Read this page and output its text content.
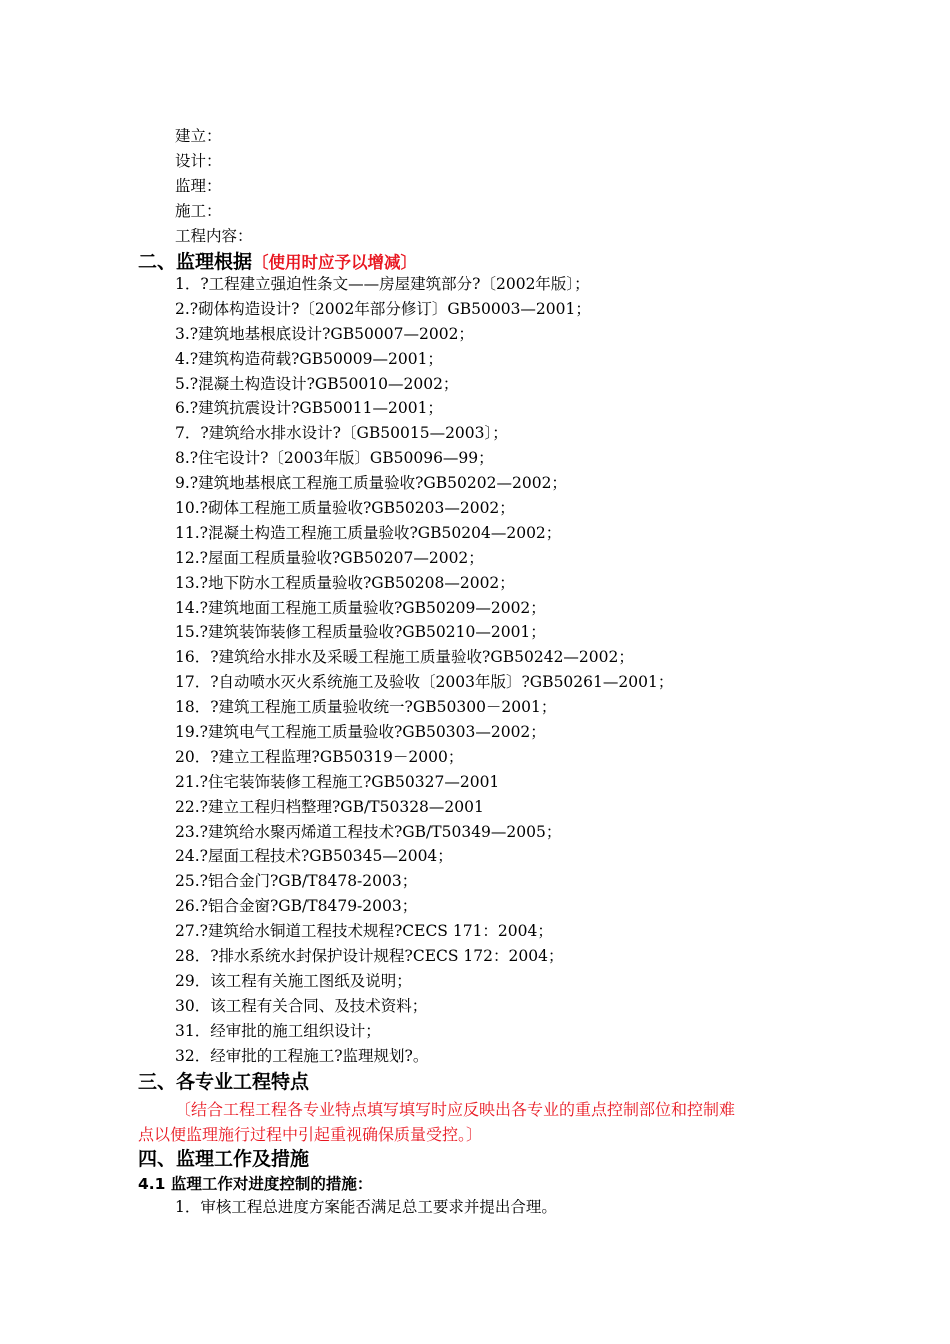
建立：
设计：
监理：
施工：
工程内容：
二、监理根据〔使用时应予以增减〕
1．?工程建立强迫性条文——房屋建筑部分?〔2002年版〕；
2.?砌体构造设计?〔2002年部分修订〕GB50003—2001；
3.?建筑地基根底设计?GB50007—2002；
4.?建筑构造荷载?GB50009—2001；
5.?混凝土构造设计?GB50010—2002；
6.?建筑抗震设计?GB50011—2001；
7．?建筑给水排水设计?〔GB50015—2003〕；
8.?住宅设计?〔2003年版〕GB50096—99；
9.?建筑地基根底工程施工质量验收?GB50202—2002；
10.?砌体工程施工质量验收?GB50203—2002；
11.?混凝土构造工程施工质量验收?GB50204—2002；
12.?屋面工程质量验收?GB50207—2002；
13.?地下防水工程质量验收?GB50208—2002；
14.?建筑地面工程施工质量验收?GB50209—2002；
15.?建筑装饰装修工程质量验收?GB50210—2001；
16．?建筑给水排水及采暖工程施工质量验收?GB50242—2002；
17．?自动喷水灭火系统施工及验收〔2003年版〕?GB50261—2001；
18．?建筑工程施工质量验收统一?GB50300－2001；
19.?建筑电气工程施工质量验收?GB50303—2002；
20．?建立工程监理?GB50319－2000；
21.?住宅装饰装修工程施工?GB50327—2001
22.?建立工程归档整理?GB/T50328—2001
23.?建筑给水聚丙烯道工程技术?GB/T50349—2005；
24.?屋面工程技术?GB50345—2004；
25.?铝合金门?GB/T8478-2003；
26.?铝合金窗?GB/T8479-2003；
27.?建筑给水铜道工程技术规程?CECS 171：2004；
28．?排水系统水封保护设计规程?CECS 172：2004；
29．该工程有关施工图纸及说明；
30．该工程有关合同、及技术资料；
31．经审批的施工组织设计；
32．经审批的工程施工?监理规划?。
三、各专业工程特点
〔结合工程工程各专业特点填写填写时应反映出各专业的重点控制部位和控制难
点以便监理施行过程中引起重视确保质量受控。〕
四、监理工作及措施
4.1 监理工作对进度控制的措施：
1．审核工程总进度方案能否满足总工要求并提出合理。
